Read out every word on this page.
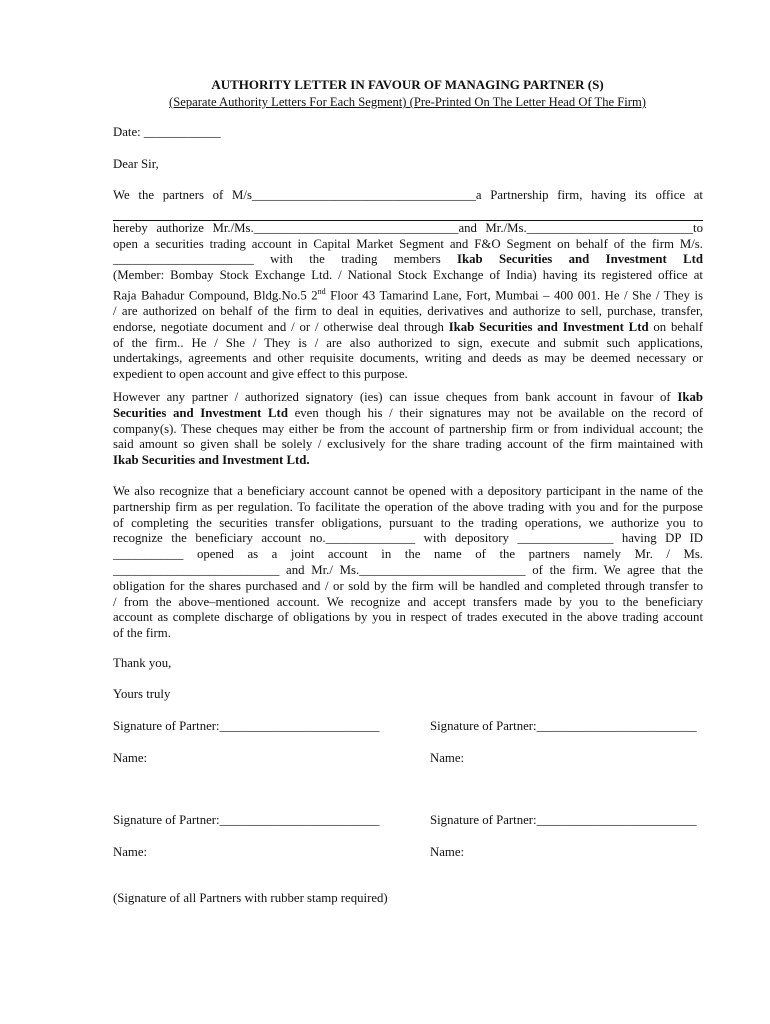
AUTHORITY LETTER IN FAVOUR OF MANAGING PARTNER (S)
(Separate Authority Letters For Each Segment) (Pre-Printed On The Letter Head Of The Firm)
Date: ____________
Dear Sir,
We the partners of M/s___________________________________a Partnership firm, having its office at
hereby authorize Mr./Ms.________________________________and Mr./Ms.__________________________to
open a securities trading account in Capital Market Segment and F&O Segment on behalf of the firm M/s.
______________________ with the trading members Ikab Securities and Investment Ltd
(Member: Bombay Stock Exchange Ltd. / National Stock Exchange of India) having its registered office at
Raja Bahadur Compound, Bldg.No.5 2nd Floor 43 Tamarind Lane, Fort, Mumbai – 400 001. He / She / They is
/ are authorized on behalf of the firm to deal in equities, derivatives and authorize to sell, purchase, transfer,
endorse, negotiate document and / or / otherwise deal through Ikab Securities and Investment Ltd on behalf
of the firm.. He / She / They is / are also authorized to sign, execute and submit such applications,
undertakings, agreements and other requisite documents, writing and deeds as may be deemed necessary or
expedient to open account and give effect to this purpose.
However any partner / authorized signatory (ies) can issue cheques from bank account in favour of Ikab
Securities and Investment Ltd even though his / their signatures may not be available on the record of
company(s). These cheques may either be from the account of partnership firm or from individual account; the
said amount so given shall be solely / exclusively for the share trading account of the firm maintained with
Ikab Securities and Investment Ltd.
We also recognize that a beneficiary account cannot be opened with a depository participant in the name of the
partnership firm as per regulation. To facilitate the operation of the above trading with you and for the purpose
of completing the securities transfer obligations, pursuant to the trading operations, we authorize you to
recognize the beneficiary account no.______________ with depository _______________ having DP ID
___________ opened as a joint account in the name of the partners namely Mr. / Ms.
__________________________ and Mr./ Ms.__________________________ of the firm. We agree that the
obligation for the shares purchased and / or sold by the firm will be handled and completed through transfer to
/ from the above–mentioned account. We recognize and accept transfers made by you to the beneficiary
account as complete discharge of obligations by you in respect of trades executed in the above trading account
of the firm.
Thank you,
Yours truly
Signature of Partner:_________________________	Signature of Partner:_________________________
Name:	Name:
Signature of Partner:_________________________	Signature of Partner:_________________________
Name:	Name:
(Signature of all Partners with rubber stamp required)
